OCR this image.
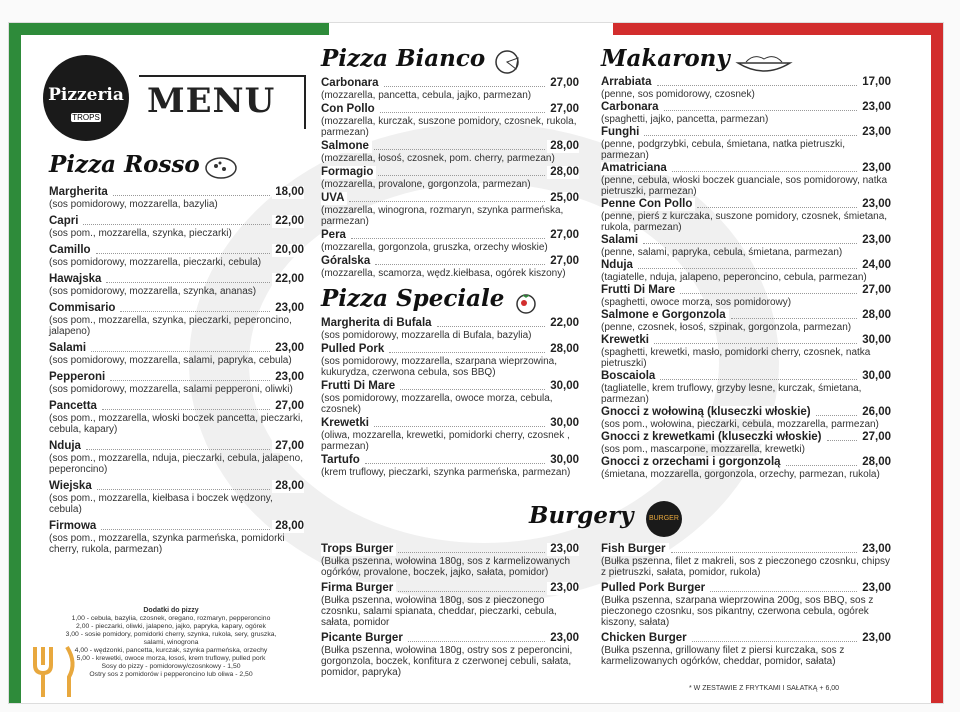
Pizzeria
TROPS MENU
Pizza Rosso
Margherita	18,00
(sos pomidorowy, mozzarella, bazylia)
Capri	22,00
(sos pom., mozzarella, szynka, pieczarki)
Camillo	20,00
(sos pomidorowy, mozzarella, pieczarki, cebula)
Hawajska	22,00
(sos pomidorowy, mozzarella, szynka, ananas)
Commisario	23,00
(sos pom., mozzarella, szynka, pieczarki, peperoncino, jalapeno)
Salami	23,00
(sos pomidorowy, mozzarella, salami, papryka, cebula)
Pepperoni	23,00
(sos pomidorowy, mozzarella, salami pepperoni, oliwki)
Pancetta	27,00
(sos pom., mozzarella, włoski boczek pancetta, pieczarki, cebula, kapary)
Nduja	27,00
(sos pom., mozzarella, nduja, pieczarki, cebula, jalapeno, peperoncino)
Wiejska	28,00
(sos pom., mozzarella, kiełbasa i boczek wędzony, cebula)
Firmowa	28,00
(sos pom., mozzarella, szynka parmeńska, pomidorki cherry, rukola, parmezan)
Pizza Bianco
Carbonara	27,00
(mozzarella, pancetta, cebula, jajko, parmezan)
Con Pollo	27,00
(mozzarella, kurczak, suszone pomidory, czosnek, rukola, parmezan)
Salmone	28,00
(mozzarella, łosoś, czosnek, pom. cherry, parmezan)
Formagio	28,00
(mozzarella, provalone, gorgonzola, parmezan)
UVA	25,00
(mozzarella, winogrona, rozmaryn, szynka parmeńska, parmezan)
Pera	27,00
(mozzarella, gorgonzola, gruszka, orzechy włoskie)
Góralska	27,00
(mozzarella, scamorza, wędz.kiełbasa, ogórek kiszony)
Pizza Speciale
Margherita di Bufala	22,00
(sos pomidorowy, mozzarella di Bufala, bazylia)
Pulled Pork	28,00
(sos pomidorowy, mozzarella, szarpana wieprzowina, kukurydza, czerwona cebula, sos BBQ)
Frutti Di Mare	30,00
(sos pomidorowy, mozzarella, owoce morza, cebula, czosnek)
Krewetki	30,00
(oliwa, mozzarella, krewetki, pomidorki cherry, czosnek , parmezan)
Tartufo	30,00
(krem truflowy, pieczarki, szynka parmeńska, parmezan)
Makarony
Arrabiata	17,00
(penne, sos pomidorowy, czosnek)
Carbonara	23,00
(spaghetti, jajko, pancetta, parmezan)
Funghi	23,00
(penne, podgrzybki, cebula, śmietana, natka pietruszki, parmezan)
Amatriciana	23,00
(penne, cebula, włoski boczek guanciale, sos pomidorowy, natka pietruszki, parmezan)
Penne Con Pollo	23,00
(penne, pierś z kurczaka, suszone pomidory, czosnek, śmietana, rukola, parmezan)
Salami	23,00
(penne, salami, papryka, cebula, śmietana, parmezan)
Nduja	24,00
(tagiatelle, nduja, jalapeno, peperoncino, cebula, parmezan)
Frutti Di Mare	27,00
(spaghetti, owoce morza, sos pomidorowy)
Salmone e Gorgonzola	28,00
(penne, czosnek, łosoś, szpinak, gorgonzola, parmezan)
Krewetki	30,00
(spaghetti, krewetki, masło, pomidorki cherry, czosnek, natka pietruszki)
Boscaiola	30,00
(tagliatelle, krem truflowy, grzyby lesne, kurczak, śmietana, parmezan)
Gnocci z wołowiną (kluseczki włoskie)	26,00
(sos pom., wołowina, pieczarki, cebula, mozzarella, parmezan)
Gnocci z krewetkami (kluseczki włoskie)	27,00
(sos pom., mascarpone, mozzarella, krewetki)
Gnocci z orzechami i gorgonzolą	28,00
(śmietana, mozzarella, gorgonzola, orzechy, parmezan, rukola)
Burgery BURGER
Trops Burger	23,00
(Bułka pszenna, wołowina 180g, sos z karmelizowanych ogórków, provalone, boczek, jajko, sałata, pomidor)
Firma Burger	23,00
(Bułka pszenna, wołowina 180g, sos z pieczonego czosnku, salami spianata, cheddar, pieczarki, cebula, sałata, pomidor
Picante Burger	23,00
(Bułka pszenna, wołowina 180g, ostry sos z peperoncini, gorgonzola, boczek, konfitura z czerwonej cebuli, sałata, pomidor, papryka)
Fish Burger	23,00
(Bułka pszenna, filet z makreli, sos z pieczonego czosnku, chipsy z pietruszki, sałata, pomidor, rukola)
Pulled Pork Burger	23,00
(Bułka pszenna, szarpana wieprzowina 200g, sos BBQ, sos z pieczonego czosnku, sos pikantny, czerwona cebula, ogórek kiszony, sałata)
Chicken Burger	23,00
(Bułka pszenna, grillowany filet z piersi kurczaka, sos z karmelizowanych ogórków, cheddar, pomidor, sałata)
* W ZESTAWIE Z FRYTKAMI I SAŁATKĄ + 6,00
Dodatki do pizzy
1,00 - cebula, bazylia, czosnek, oregano, rozmaryn, pepperoncino
2,00 - pieczarki, oliwki, jalapeno, jajko, papryka, kapary, ogórek
3,00 - sosie pomidory, pomidorki cherry, szynka, rukola, sery, gruszka, salami, winogrona
4,00 - wędzonki, pancetta, kurczak, szynka parmeńska, orzechy
5,00 - krewetki, owoce morza, łosoś, krem truflowy, pulled pork
Sosy do pizzy - pomidorowy/czosnkowy - 1,50
Ostry sos z pomidorów i pepperoncino lub oliwa - 2,50
